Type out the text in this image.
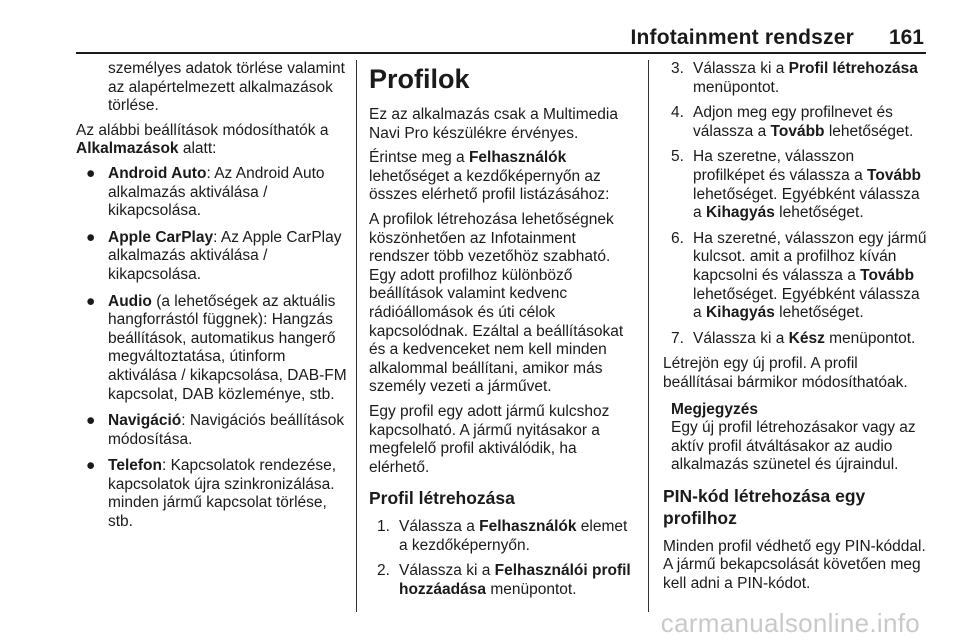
Infotainment rendszer 161

személyes adatok törlése valamint az alapértelmezett alkalmazások törlése.

Az alábbi beállítások módosíthatók a Alkalmazások alatt:

● Android Auto: Az Android Auto alkalmazás aktiválása / kikapcsolása.
● Apple CarPlay: Az Apple CarPlay alkalmazás aktiválása / kikapcsolása.
● Audio (a lehetőségek az aktuális hangforrástól függnek): Hangzás beállítások, automatikus hangerő megváltoztatása, útinform aktiválása / kikapcsolása, DAB-FM kapcsolat, DAB közleménye, stb.
● Navigáció: Navigációs beállítások módosítása.
● Telefon: Kapcsolatok rendezése, kapcsolatok újra szinkronizálása. minden jármű kapcsolat törlése, stb.
Profilok

Ez az alkalmazás csak a Multimedia Navi Pro készülékre érvényes.

Érintse meg a Felhasználók lehetőséget a kezdőképernyőn az összes elérhető profil listázásához:

A profilok létrehozása lehetőségnek köszönhetően az Infotainment rendszer több vezetőhöz szabható. Egy adott profilhoz különböző beállítások valamint kedvenc rádióállomások és úti célok kapcsolódnak. Ezáltal a beállításokat és a kedvenceket nem kell minden alkalommal beállítani, amikor más személy vezeti a járművet.

Egy profil egy adott jármű kulcshoz kapcsolható. A jármű nyitásakor a megfelelő profil aktiválódik, ha elérhető.

Profil létrehozása
1. Válassza a Felhasználók elemet a kezdőképernyőn.
2. Válassza ki a Felhasználói profil hozzáadása menüpontot.
3. Válassza ki a Profil létrehozása menüpontot.
4. Adjon meg egy profilnevet és válassza a Tovább lehetőséget.
5. Ha szeretne, válasszon profilképet és válassza a Tovább lehetőséget. Egyébként válassza a Kihagyás lehetőséget.
6. Ha szeretné, válasszon egy jármű kulcsot. amit a profilhoz kíván kapcsolni és válassza a Tovább lehetőséget. Egyébként válassza a Kihagyás lehetőséget.
7. Válassza ki a Kész menüpontot.

Létrejön egy új profil. A profil beállításai bármikor módosíthatóak.

Megjegyzés
Egy új profil létrehozásakor vagy az aktív profil átváltásakor az audio alkalmazás szünetel és újraindul.
PIN-kód létrehozása egy profilhoz

Minden profil védhető egy PIN-kóddal. A jármű bekapcsolását követően meg kell adni a PIN-kódot.

carmanualsonline.info
